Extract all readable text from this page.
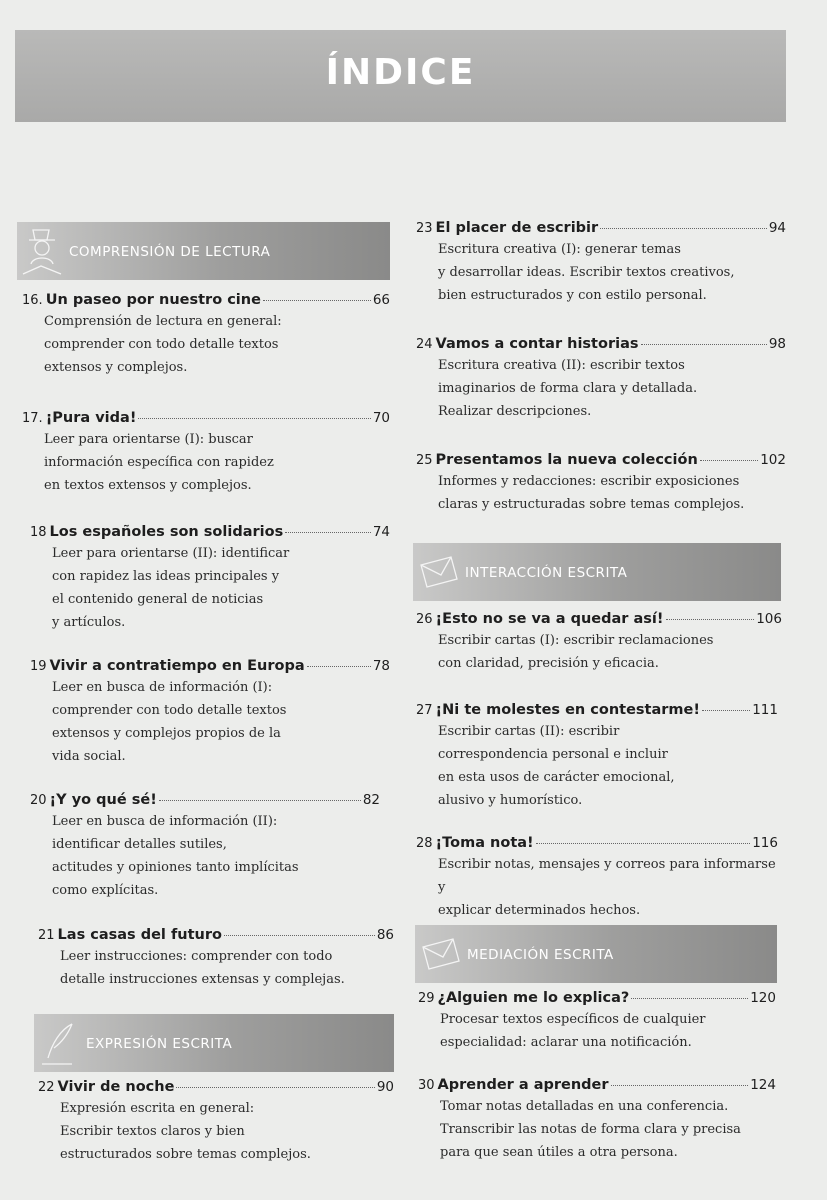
ÍNDICE
COMPRENSIÓN DE LECTURA
EXPRESIÓN ESCRITA
INTERACCIÓN ESCRITA
MEDIACIÓN ESCRITA
16. Un paseo por nuestro cine	66
Comprensión de lectura en general:
comprender con todo detalle textos
extensos y complejos.
17. ¡Pura vida!	70
Leer para orientarse (I): buscar
información específica con rapidez
en textos extensos y complejos.
18 Los españoles son solidarios	74
Leer para orientarse (II): identificar
con rapidez las ideas principales y
el contenido general de noticias
y artículos.
19 Vivir a contratiempo en Europa	78
Leer en busca de información (I):
comprender con todo detalle textos
extensos y complejos propios de la
vida social.
20 ¡Y yo qué sé!	82
Leer en busca de información (II):
identificar detalles sutiles,
actitudes y opiniones tanto implícitas
como explícitas.
21 Las casas del futuro	86
Leer instrucciones: comprender con todo
detalle instrucciones extensas y complejas.
22 Vivir de noche	90
Expresión escrita en general:
Escribir textos claros y bien
estructurados sobre temas complejos.
23 El placer de escribir	94
Escritura creativa (I): generar temas
y desarrollar ideas. Escribir textos creativos,
bien estructurados y con estilo personal.
24 Vamos a contar historias	98
Escritura creativa (II): escribir textos
imaginarios de forma clara y detallada.
Realizar descripciones.
25 Presentamos la nueva colección	102
Informes y redacciones: escribir exposiciones
claras y estructuradas sobre temas complejos.
26 ¡Esto no se va a quedar así!	106
Escribir cartas (I): escribir reclamaciones
con claridad, precisión y eficacia.
27 ¡Ni te molestes en contestarme!	111
Escribir cartas (II): escribir
correspondencia personal e incluir
en esta usos de carácter emocional,
alusivo y humorístico.
28 ¡Toma nota!	116
Escribir notas, mensajes y correos para informarse y
explicar determinados hechos.
29 ¿Alguien me lo explica?	120
Procesar textos específicos de cualquier
especialidad: aclarar una notificación.
30 Aprender a aprender	124
Tomar notas detalladas en una conferencia.
Transcribir las notas de forma clara y precisa
para que sean útiles a otra persona.
